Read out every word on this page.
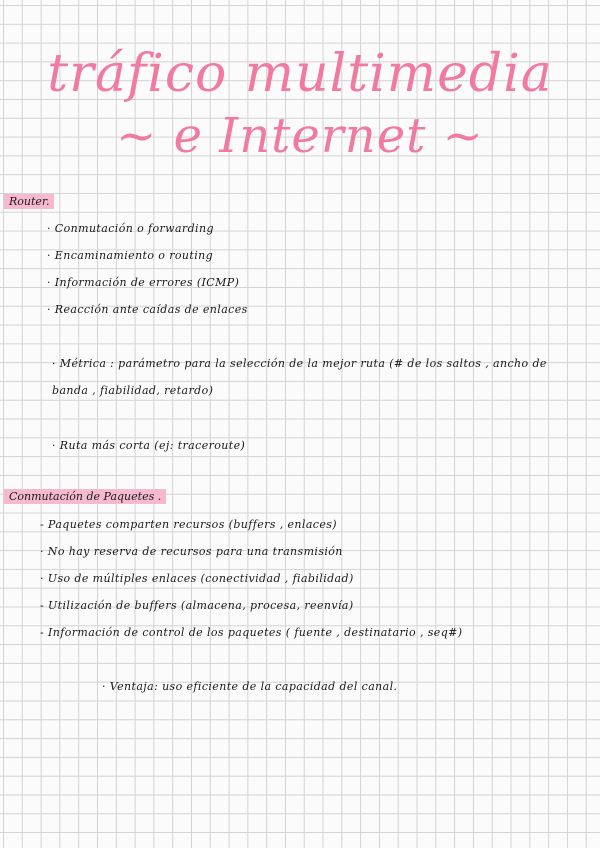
tráfico multimedia
~ e Internet ~
Router.
· Conmutación o forwarding
· Encaminamiento o routing
· Información de errores (ICMP)
· Reacción ante caídas de enlaces
· Métrica : parámetro para la selección de la mejor ruta (# de los saltos , ancho de
banda , fiabilidad, retardo)
· Ruta más corta (ej: traceroute)
Conmutación de Paquetes .
- Paquetes comparten recursos (buffers , enlaces)
· No hay reserva de recursos para una transmisión
· Uso de múltiples enlaces (conectividad , fiabilidad)
- Utilización de buffers (almacena, procesa, reenvía)
- Información de control de los paquetes ( fuente , destinatario , seq#)
· Ventaja: uso eficiente de la capacidad del canal.
